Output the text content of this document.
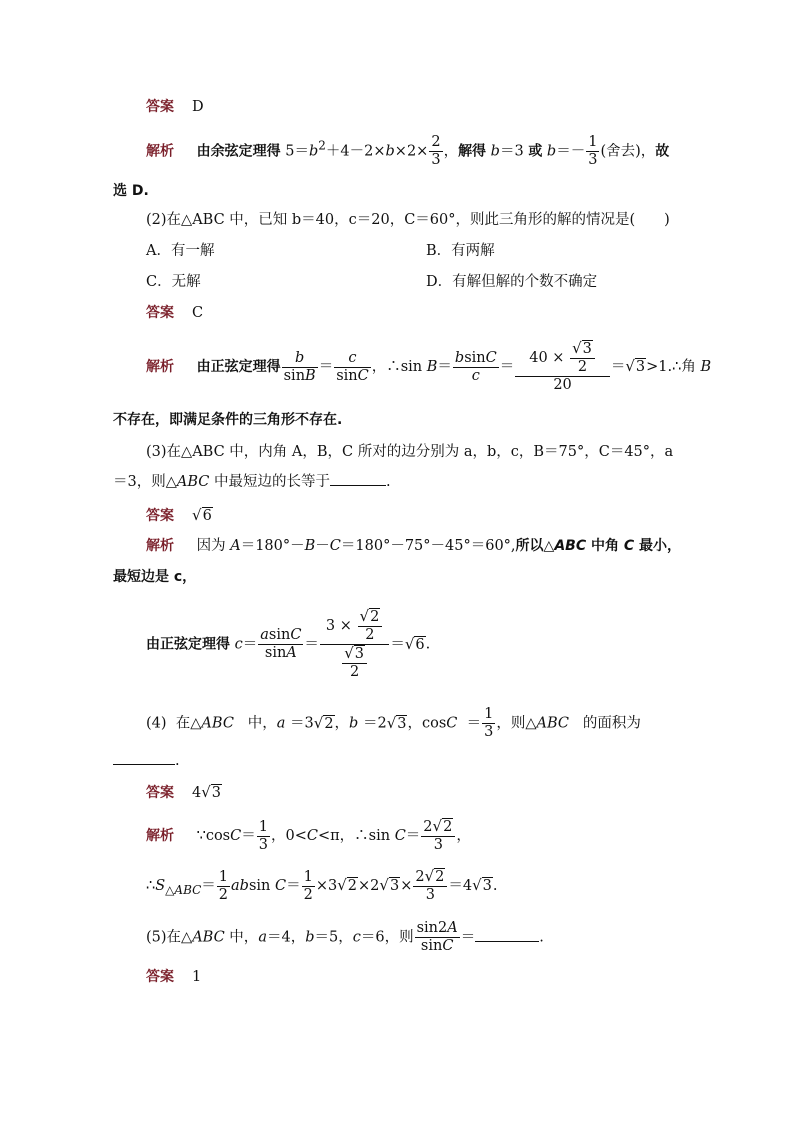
答案 D
解析 由余弦定理得 $5=b^2+4-2\times b\times 2\times \frac{2}{3}$ ，解得 b＝3 或 $b=- \frac{1}{3}$ (舍去)，故
选 D.
(2)在△ABC 中，已知 b＝40，c＝20，C＝60°，则此三角形的解的情况是(　　)
A．有一解	B．有两解
C．无解	D．有解但解的个数不确定
答案 C
解析 由正弦定理得 $\frac{b}{\sin B} = \frac{c}{\sin C}$ ，∴sin $B= \frac{bsinC}{c} = \frac{40 \times \frac{√3}{2}}{20}$ ＝√3>1.∴角 B
不存在，即满足条件的三角形不存在.
(3)在△ABC 中，内角 A，B，C 所对的边分别为 a，b，c，B＝75°，C＝45°，a
＝3，则△ABC 中最短边的长等于	.
答案 √6
解析 因为 A＝180°－B－C＝180°－75°－45°＝60°,所以△ABC 中角 C 最小，
最短边是 c，
由正弦定理得 $c= \frac{asinC}{\sin A} = \frac{3 \times \frac{√2}{2}}{\frac{√3}{2}} =√6$.
(4)  在△ABC   中，a ＝3√2，b ＝2√3，$\cos C = \frac{1}{3}$ ，则△ABC   的面积为
.
答案 4√3
解析 ∵cosC＝ $\frac{1}{3}$ ，0<C<π，∴sin $C= \frac{2√2}{3}$ ，
$\therefore S_{\triangle ABC}= \frac{1}{2}$ absin $C= \frac{1}{2} \times 3√2\times 2√3\times \frac{2√2}{3} =4√3$.
(5)在△ABC 中，a＝4，b＝5，c＝6，则 $\frac{\sin 2A}{\sin C}$ ＝	.
答案 1
